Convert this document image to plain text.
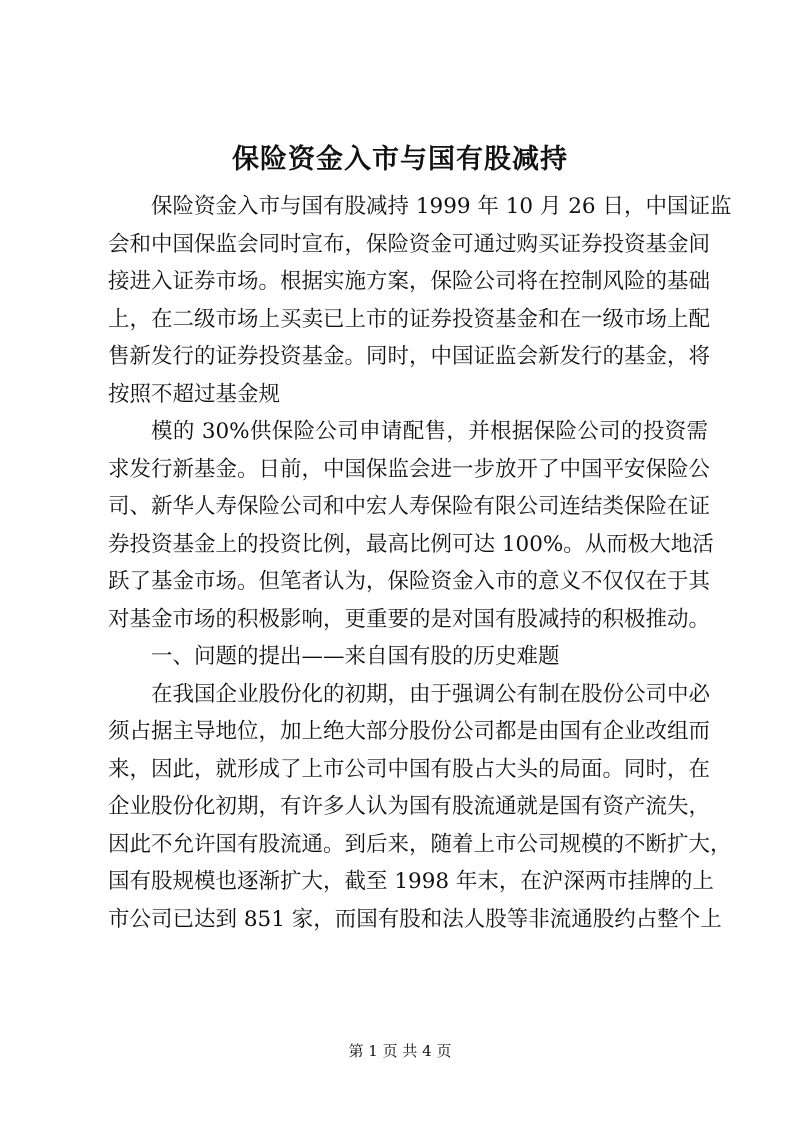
保险资金入市与国有股减持
保险资金入市与国有股减持 1999 年 10 月 26 日，中国证监
会和中国保监会同时宣布，保险资金可通过购买证券投资基金间
接进入证券市场。根据实施方案，保险公司将在控制风险的基础
上，在二级市场上买卖已上市的证券投资基金和在一级市场上配
售新发行的证券投资基金。同时，中国证监会新发行的基金，将
按照不超过基金规
模的 30%供保险公司申请配售，并根据保险公司的投资需
求发行新基金。日前，中国保监会进一步放开了中国平安保险公
司、新华人寿保险公司和中宏人寿保险有限公司连结类保险在证
券投资基金上的投资比例，最高比例可达 100%。从而极大地活
跃了基金市场。但笔者认为，保险资金入市的意义不仅仅在于其
对基金市场的积极影响，更重要的是对国有股减持的积极推动。
一、问题的提出——来自国有股的历史难题
在我国企业股份化的初期，由于强调公有制在股份公司中必
须占据主导地位，加上绝大部分股份公司都是由国有企业改组而
来，因此，就形成了上市公司中国有股占大头的局面。同时，在
企业股份化初期，有许多人认为国有股流通就是国有资产流失，
因此不允许国有股流通。到后来，随着上市公司规模的不断扩大，
国有股规模也逐渐扩大，截至 1998 年末，在沪深两市挂牌的上
市公司已达到 851 家，而国有股和法人股等非流通股约占整个上
第 1 页 共 4 页
